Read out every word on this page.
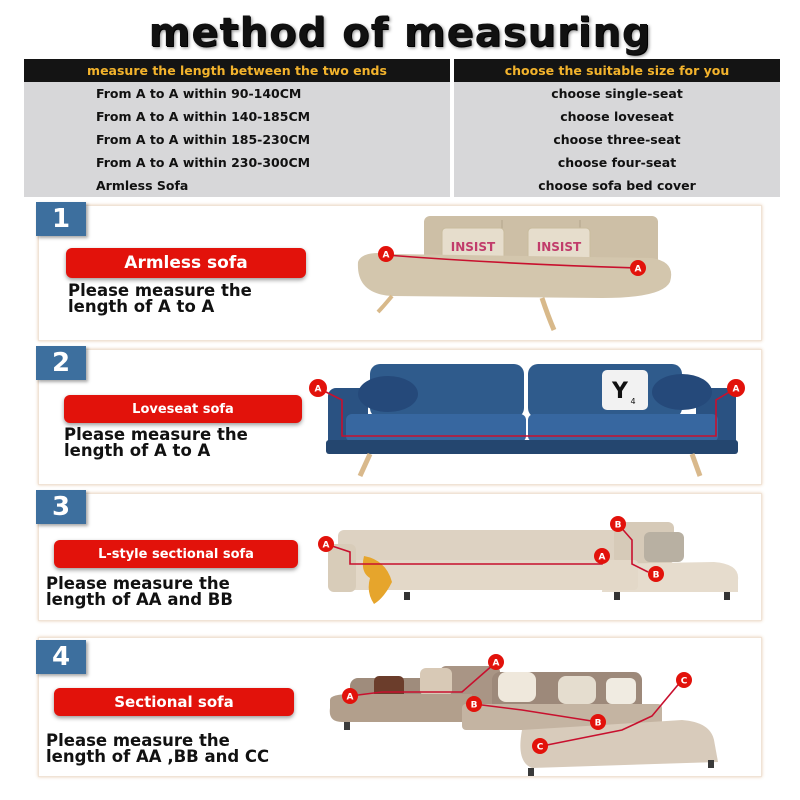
method of measuring
measure the length between the two ends	choose the suitable size for you
From A to A within 90-140CM	choose single-seat
From A to A within 140-185CM	choose loveseat
From A to A within 185-230CM	choose three-seat
From A to A within 230-300CM	choose four-seat
Armless Sofa	choose sofa bed cover
1
Armless sofa
Please measure the
length of A to A
INSIST	INSIST
A
A
2
Loveseat sofa
Please measure the
length of A to A
Y 4
A	A
3
L-style sectional sofa
Please measure the
length of AA and BB
A
A
B
B
4
Sectional sofa
Please measure the
length of AA ,BB and CC
A
A
B
B
C
C
